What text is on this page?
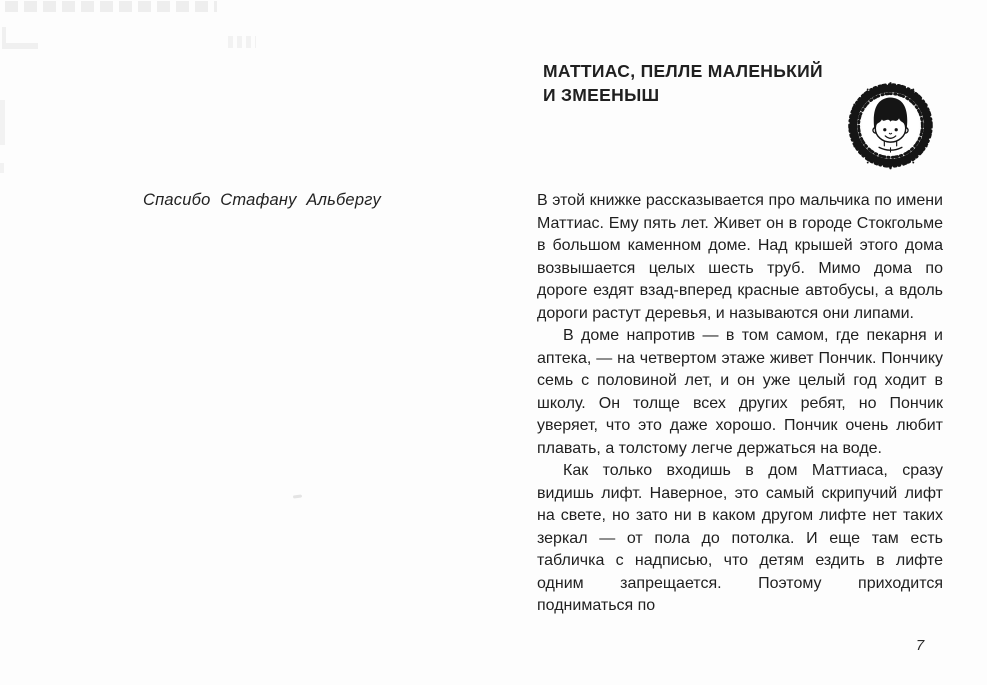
Спасибо Стафану Альбергу
МАТТИАС, ПЕЛЛЕ МАЛЕНЬКИЙ
И ЗМЕЕНЫШ

В этой книжке рассказывается про мальчика по имени Маттиас. Ему пять лет. Живет он в городе Стокгольме в большом каменном доме. Над крышей этого дома возвышается целых шесть труб. Мимо дома по дороге ездят взад-вперед красные автобусы, а вдоль дороги растут деревья, и называются они липами.

В доме напротив — в том самом, где пекарня и аптека, — на четвертом этаже живет Пончик. Пончику семь с половиной лет, и он уже целый год ходит в школу. Он толще всех других ребят, но Пончик уверяет, что это даже хорошо. Пончик очень любит плавать, а толстому легче держаться на воде.

Как только входишь в дом Маттиаса, сразу видишь лифт. Наверное, это самый скрипучий лифт на свете, но зато ни в каком другом лифте нет таких зеркал — от пола до потолка. И еще там есть табличка с надписью, что детям ездить в лифте одним запрещается. Поэтому приходится подниматься по

7
